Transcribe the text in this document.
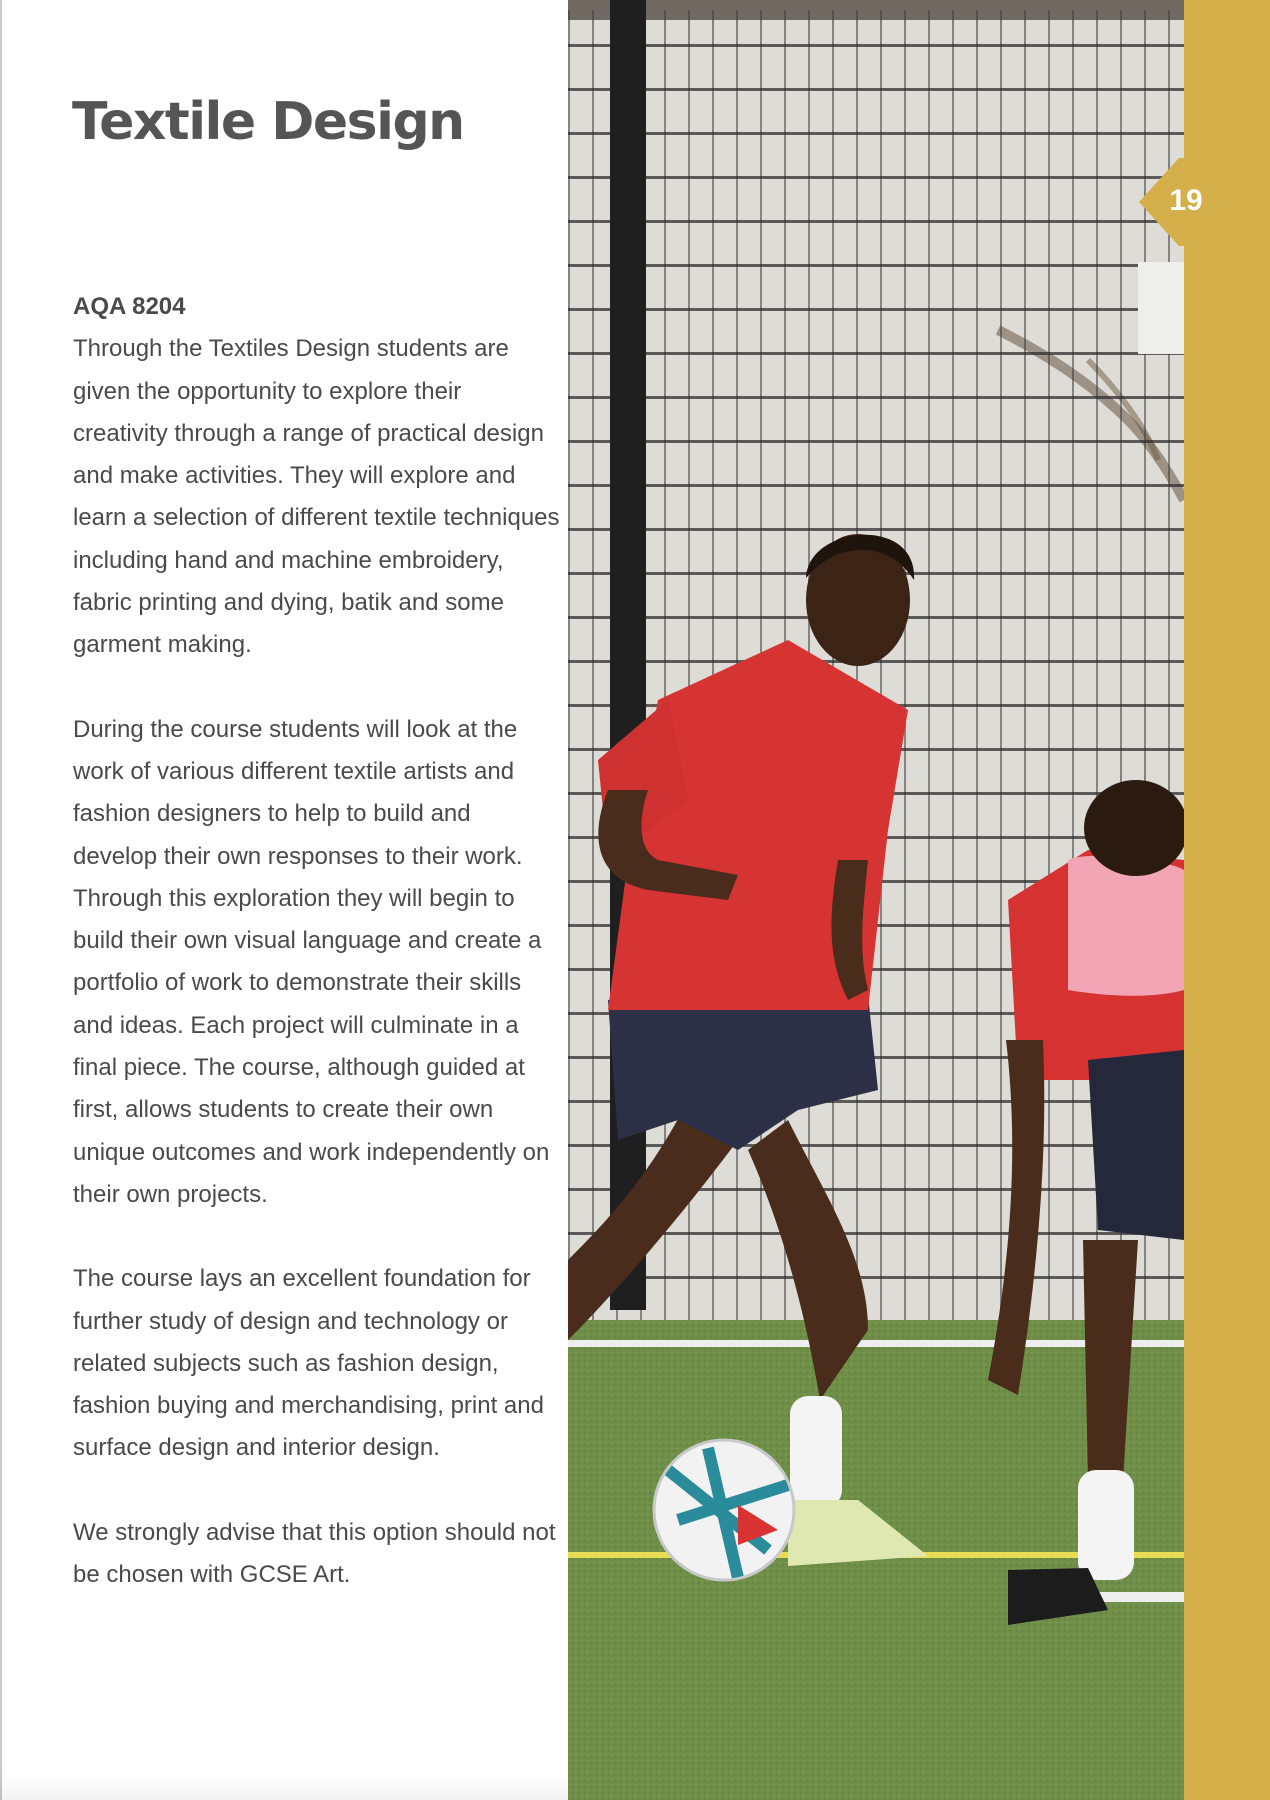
Textile Design

AQA 8204

Through the Textiles Design students are given the opportunity to explore their creativity through a range of practical design and make activities. They will explore and learn a selection of different textile techniques including hand and machine embroidery, fabric printing and dying, batik and some garment making.

During the course students will look at the work of various different textile artists and fashion designers to help to build and develop their own responses to their work. Through this exploration they will begin to build their own visual language and create a portfolio of work to demonstrate their skills and ideas. Each project will culminate in a final piece. The course, although guided at first, allows students to create their own unique outcomes and work independently on their own projects.

The course lays an excellent foundation for further study of design and technology or related subjects such as fashion design, fashion buying and merchandising, print and surface design and interior design.

We strongly advise that this option should not be chosen with GCSE Art.

19
